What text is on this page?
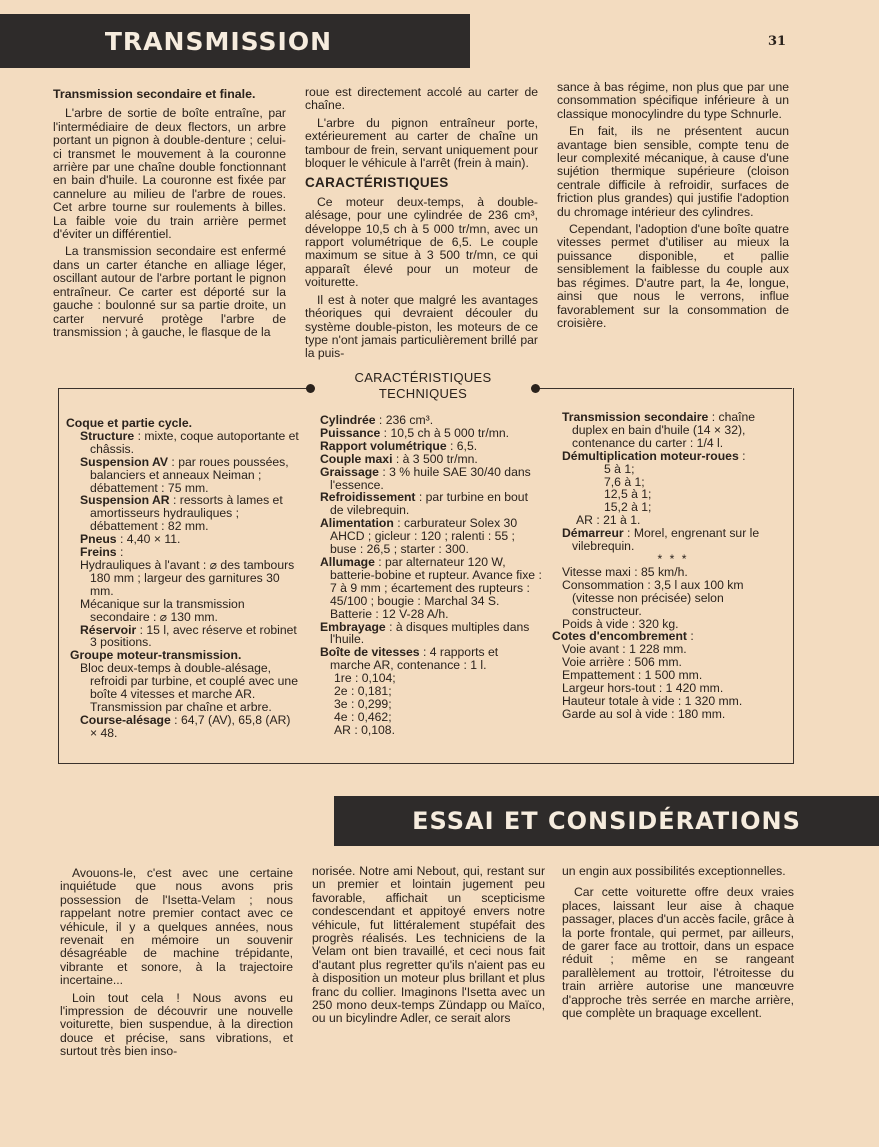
TRANSMISSION	31
Transmission secondaire et finale.

L'arbre de sortie de boîte entraîne, par l'intermédiaire de deux flectors, un arbre portant un pignon à double-denture ; celui-ci transmet le mouvement à la couronne arrière par une chaîne double fonctionnant en bain d'huile. La couronne est fixée par cannelure au milieu de l'arbre de roues. Cet arbre tourne sur roulements à billes. La faible voie du train arrière permet d'éviter un différentiel.

La transmission secondaire est enfermé dans un carter étanche en alliage léger, oscillant autour de l'arbre portant le pignon entraîneur. Ce carter est déporté sur la gauche : boulonné sur sa partie droite, un carter nervuré protège l'arbre de transmission ; à gauche, le flasque de la

roue est directement accolé au carter de chaîne.

L'arbre du pignon entraîneur porte, extérieurement au carter de chaîne un tambour de frein, servant uniquement pour bloquer le véhicule à l'arrêt (frein à main).

CARACTÉRISTIQUES

Ce moteur deux-temps, à double-alésage, pour une cylindrée de 236 cm³, développe 10,5 ch à 5 000 tr/mn, avec un rapport volumétrique de 6,5. Le couple maximum se situe à 3 500 tr/mn, ce qui apparaît élevé pour un moteur de voiturette.

Il est à noter que malgré les avantages théoriques qui devraient découler du système double-piston, les moteurs de ce type n'ont jamais particulièrement brillé par la puis-

sance à bas régime, non plus que par une consommation spécifique inférieure à un classique monocylindre du type Schnurle.

En fait, ils ne présentent aucun avantage bien sensible, compte tenu de leur complexité mécanique, à cause d'une sujétion thermique supérieure (cloison centrale difficile à refroidir, surfaces de friction plus grandes) qui justifie l'adoption du chromage intérieur des cylindres.

Cependant, l'adoption d'une boîte quatre vitesses permet d'utiliser au mieux la puissance disponible, et pallie sensiblement la faiblesse du couple aux bas régimes. D'autre part, la 4e, longue, ainsi que nous le verrons, influe favorablement sur la consommation de croisière.

CARACTÉRISTIQUES
TECHNIQUES
Coque et partie cycle.
Structure : mixte, coque autoportante et châssis.
Suspension AV : par roues poussées, balanciers et anneaux Neiman ; débattement : 75 mm.
Suspension AR : ressorts à lames et amortisseurs hydrauliques ; débattement : 82 mm.
Pneus : 4,40 × 11.
Freins :
Hydrauliques à l'avant : ⌀ des tambours 180 mm ; largeur des garnitures 30 mm.
Mécanique sur la transmission secondaire : ⌀ 130 mm.
Réservoir : 15 l, avec réserve et robinet 3 positions.
Groupe moteur-transmission.
Bloc deux-temps à double-alésage, refroidi par turbine, et couplé avec une boîte 4 vitesses et marche AR. Transmission par chaîne et arbre.
Course-alésage : 64,7 (AV), 65,8 (AR) × 48.
Cylindrée : 236 cm³.
Puissance : 10,5 ch à 5 000 tr/mn.
Rapport volumétrique : 6,5.
Couple maxi : à 3 500 tr/mn.
Graissage : 3 % huile SAE 30/40 dans l'essence.
Refroidissement : par turbine en bout de vilebrequin.
Alimentation : carburateur Solex 30 AHCD ; gicleur : 120 ; ralenti : 55 ; buse : 26,5 ; starter : 300.
Allumage : par alternateur 120 W, batterie-bobine et rupteur. Avance fixe : 7 à 9 mm ; écartement des rupteurs : 45/100 ; bougie : Marchal 34 S. Batterie : 12 V-28 A/h.
Embrayage : à disques multiples dans l'huile.
Boîte de vitesses : 4 rapports et marche AR, contenance : 1 l.
1re : 0,104;
2e : 0,181;
3e : 0,299;
4e : 0,462;
AR : 0,108.
Transmission secondaire : chaîne duplex en bain d'huile (14 × 32), contenance du carter : 1/4 l.
Démultiplication moteur-roues :
5 à 1;
7,6 à 1;
12,5 à 1;
15,2 à 1;
AR : 21 à 1.
Démarreur : Morel, engrenant sur le vilebrequin.
* * *
Vitesse maxi : 85 km/h.
Consommation : 3,5 l aux 100 km (vitesse non précisée) selon constructeur.
Poids à vide : 320 kg.
Cotes d'encombrement :
Voie avant : 1 228 mm.
Voie arrière : 506 mm.
Empattement : 1 500 mm.
Largeur hors-tout : 1 420 mm.
Hauteur totale à vide : 1 320 mm.
Garde au sol à vide : 180 mm.
ESSAI ET CONSIDÉRATIONS

Avouons-le, c'est avec une certaine inquiétude que nous avons pris possession de l'Isetta-Velam ; nous rappelant notre premier contact avec ce véhicule, il y a quelques années, nous revenait en mémoire un souvenir désagréable de machine trépidante, vibrante et sonore, à la trajectoire incertaine...

Loin tout cela ! Nous avons eu l'impression de découvrir une nouvelle voiturette, bien suspendue, à la direction douce et précise, sans vibrations, et surtout très bien inso-

norisée. Notre ami Nebout, qui, restant sur un premier et lointain jugement peu favorable, affichait un scepticisme condescendant et appitoyé envers notre véhicule, fut littéralement stupéfait des progrès réalisés. Les techniciens de la Velam ont bien travaillé, et ceci nous fait d'autant plus regretter qu'ils n'aient pas eu à disposition un moteur plus brillant et plus franc du collier. Imaginons l'Isetta avec un 250 mono deux-temps Zündapp ou Maïco, ou un bicylindre Adler, ce serait alors

un engin aux possibilités exceptionnelles.

Car cette voiturette offre deux vraies places, laissant leur aise à chaque passager, places d'un accès facile, grâce à la porte frontale, qui permet, par ailleurs, de garer face au trottoir, dans un espace réduit ; même en se rangeant parallèlement au trottoir, l'étroitesse du train arrière autorise une manœuvre d'approche très serrée en marche arrière, que complète un braquage excellent.
